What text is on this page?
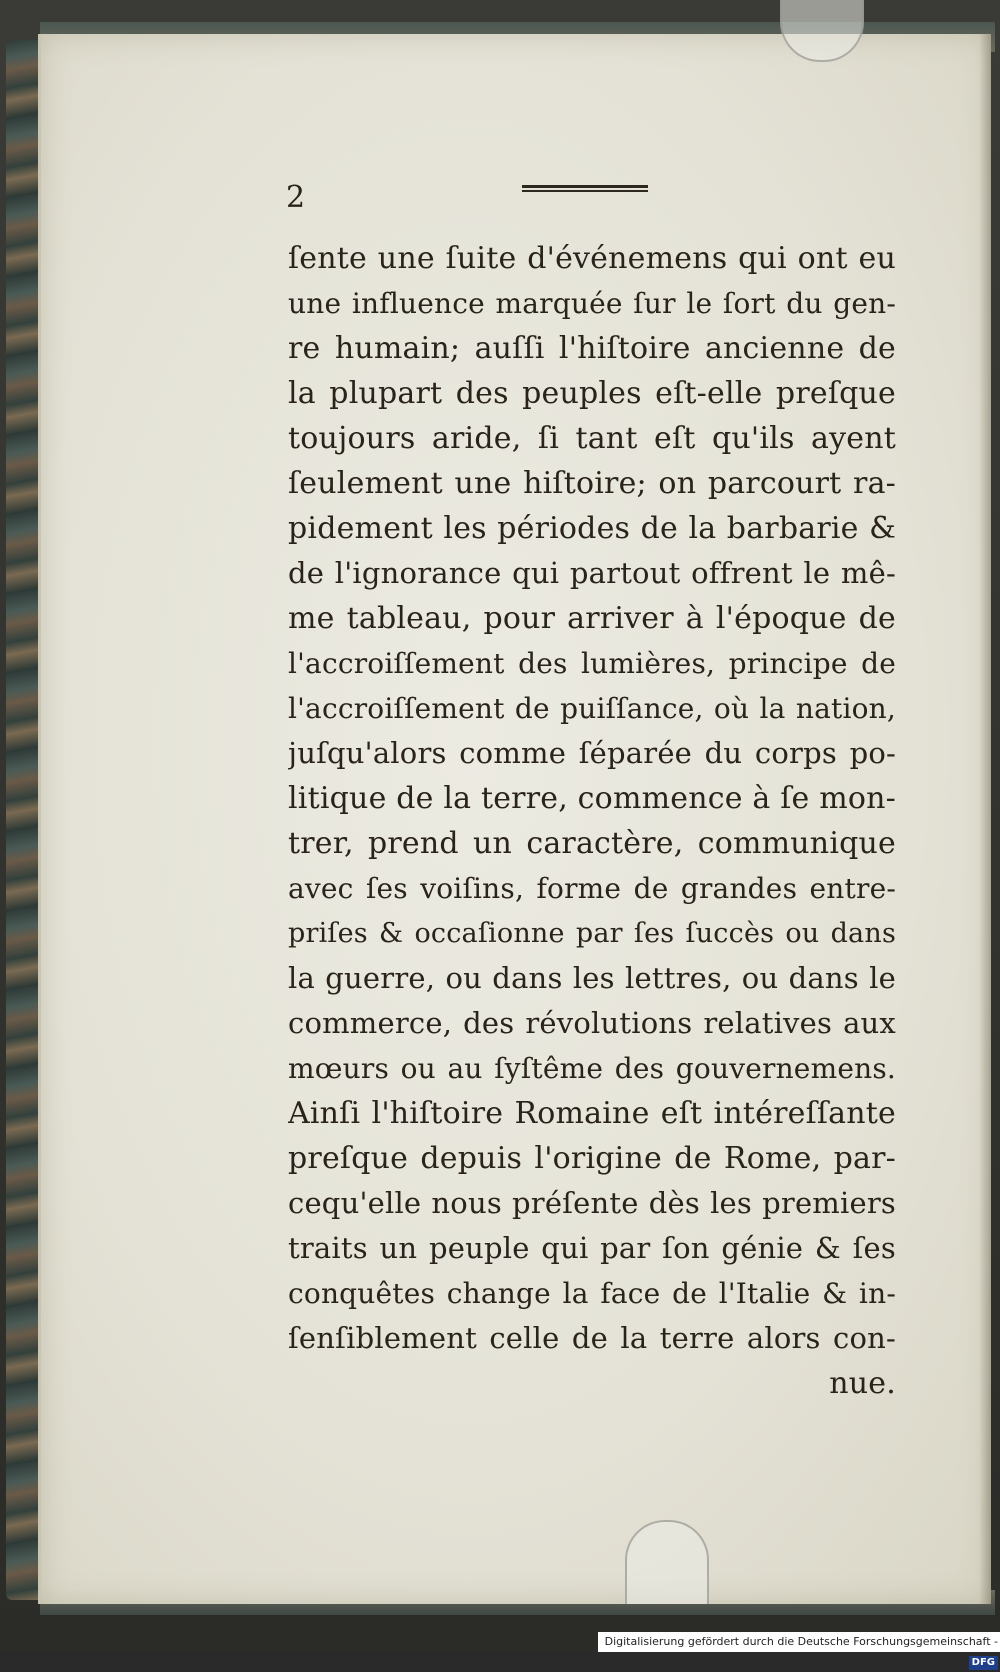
2
ſente une ſuite d'événemens qui ont eu
une influence marquée ſur le ſort du gen-
re humain; auſſi l'hiſtoire ancienne de
la plupart des peuples eſt-elle preſque
toujours aride, ſi tant eſt qu'ils ayent
ſeulement une hiſtoire; on parcourt ra-
pidement les périodes de la barbarie &
de l'ignorance qui partout offrent le mê-
me tableau, pour arriver à l'époque de
l'accroiſſement des lumières, principe de
l'accroiſſement de puiſſance, où la nation,
juſqu'alors comme ſéparée du corps po-
litique de la terre, commence à ſe mon-
trer, prend un caractère, communique
avec ſes voiſins, forme de grandes entre-
priſes & occaſionne par ſes ſuccès ou dans
la guerre, ou dans les lettres, ou dans le
commerce, des révolutions relatives aux
mœurs ou au ſyſtême des gouvernemens.
Ainſi l'hiſtoire Romaine eſt intéreſſante
preſque depuis l'origine de Rome, par-
cequ'elle nous préſente dès les premiers
traits un peuple qui par ſon génie & ſes
conquêtes change la face de l'Italie & in-
ſenſiblement celle de la terre alors con-
nue.
Digitalisierung gefördert durch die Deutsche Forschungsgemeinschaft -DFG
